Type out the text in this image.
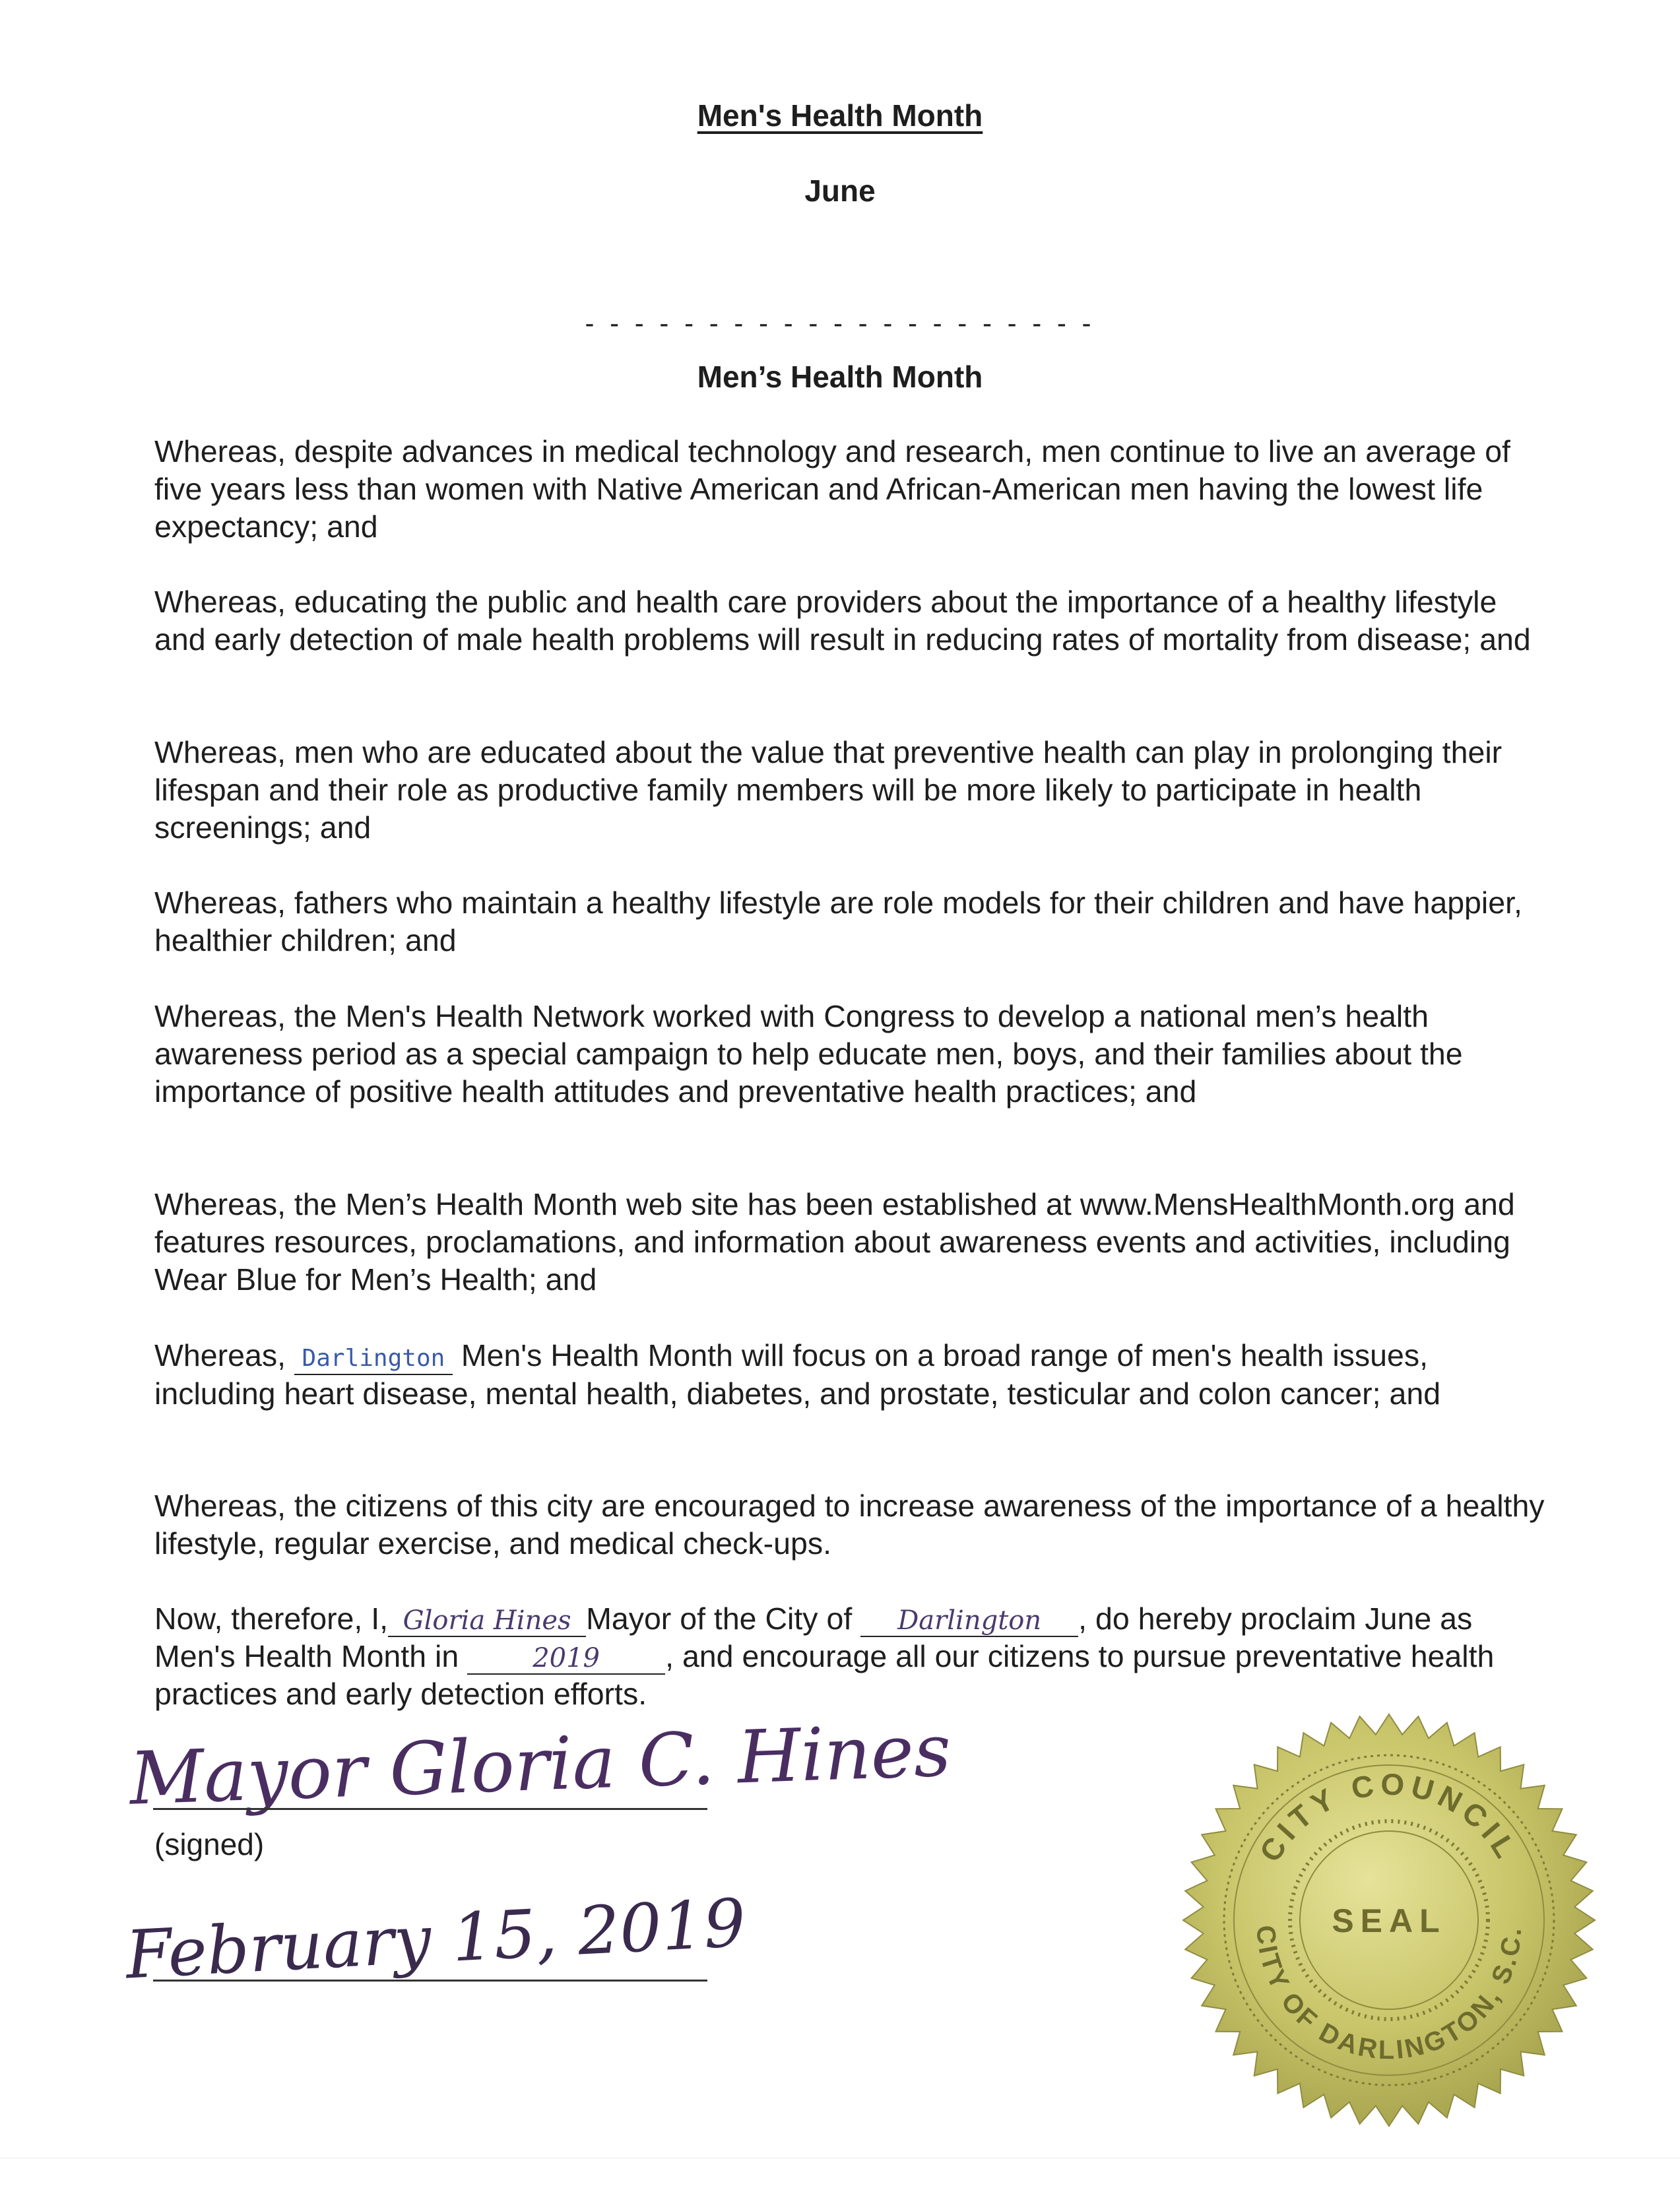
Men's Health Month

June

- - - - - - - - - - - - - - - - - - - - -

Men’s Health Month

Whereas, despite advances in medical technology and research, men continue to live an average of five years less than women with Native American and African-American men having the lowest life expectancy; and

Whereas, educating the public and health care providers about the importance of a healthy lifestyle and early detection of male health problems will result in reducing rates of mortality from disease; and

Whereas, men who are educated about the value that preventive health can play in prolonging their lifespan and their role as productive family members will be more likely to participate in health screenings; and

Whereas, fathers who maintain a healthy lifestyle are role models for their children and have happier, healthier children; and

Whereas, the Men's Health Network worked with Congress to develop a national men’s health awareness period as a special campaign to help educate men, boys, and their families about the importance of positive health attitudes and preventative health practices; and

Whereas, the Men’s Health Month web site has been established at www.MensHealthMonth.org and features resources, proclamations, and information about awareness events and activities, including Wear Blue for Men’s Health; and

Whereas, Darlington Men's Health Month will focus on a broad range of men's health issues, including heart disease, mental health, diabetes, and prostate, testicular and colon cancer; and

Whereas, the citizens of this city are encouraged to increase awareness of the importance of a healthy lifestyle, regular exercise, and medical check-ups.

Now, therefore, I, Gloria Hines Mayor of the City of Darlington , do hereby proclaim June as Men's Health Month in	2019 , and encourage all our citizens to pursue preventative health practices and early detection efforts.

Mayor Gloria C. Hines
(signed)
February 15, 2019
CITY COUNCIL
CITY OF DARLINGTON, S.C.
SEAL
